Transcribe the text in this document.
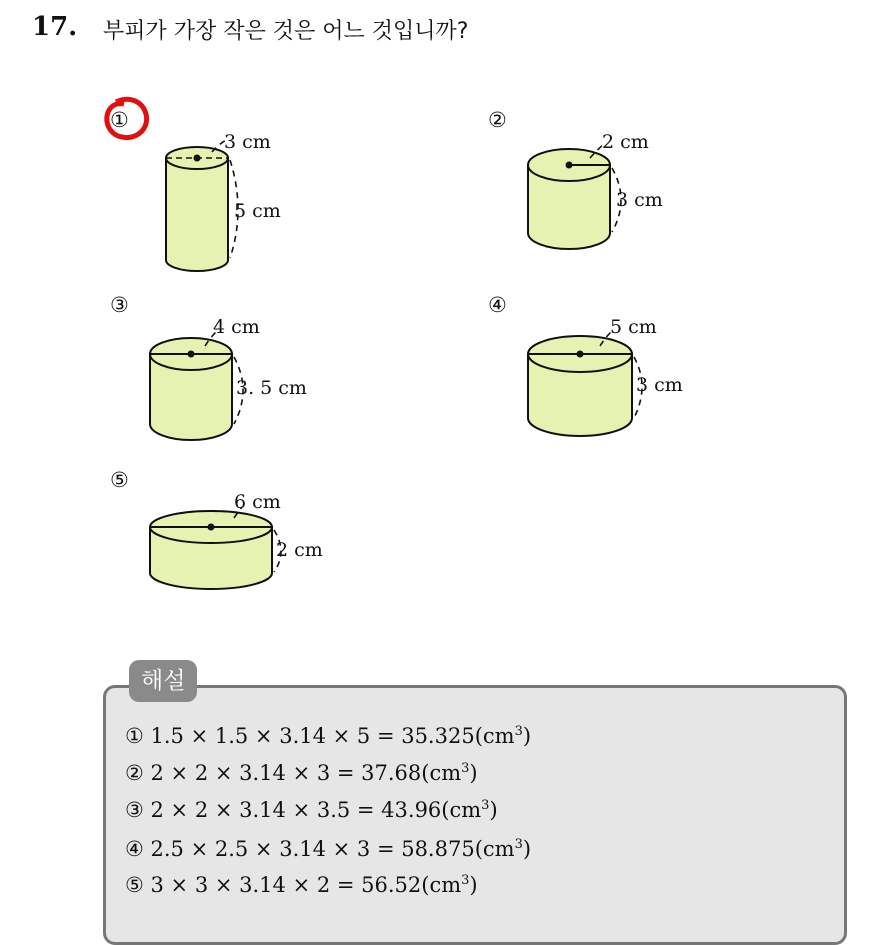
17. 부피가 가장 작은 것은 어느 것입니까?
①
3 cm
5 cm
②
2 cm
3 cm
③
4 cm
3. 5 cm
④
5 cm
3 cm
⑤
6 cm
2 cm
해설
① $1.5 \times 1.5 \times 3.14 \times 5 = 35.325(cm^3)$
② $2 \times 2 \times 3.14 \times 3 = 37.68(cm^3)$
③ $2 \times 2 \times 3.14 \times 3.5 = 43.96(cm^3)$
④ $2.5 \times 2.5 \times 3.14 \times 3 = 58.875(cm^3)$
⑤ $3 \times 3 \times 3.14 \times 2 = 56.52(cm^3)$
